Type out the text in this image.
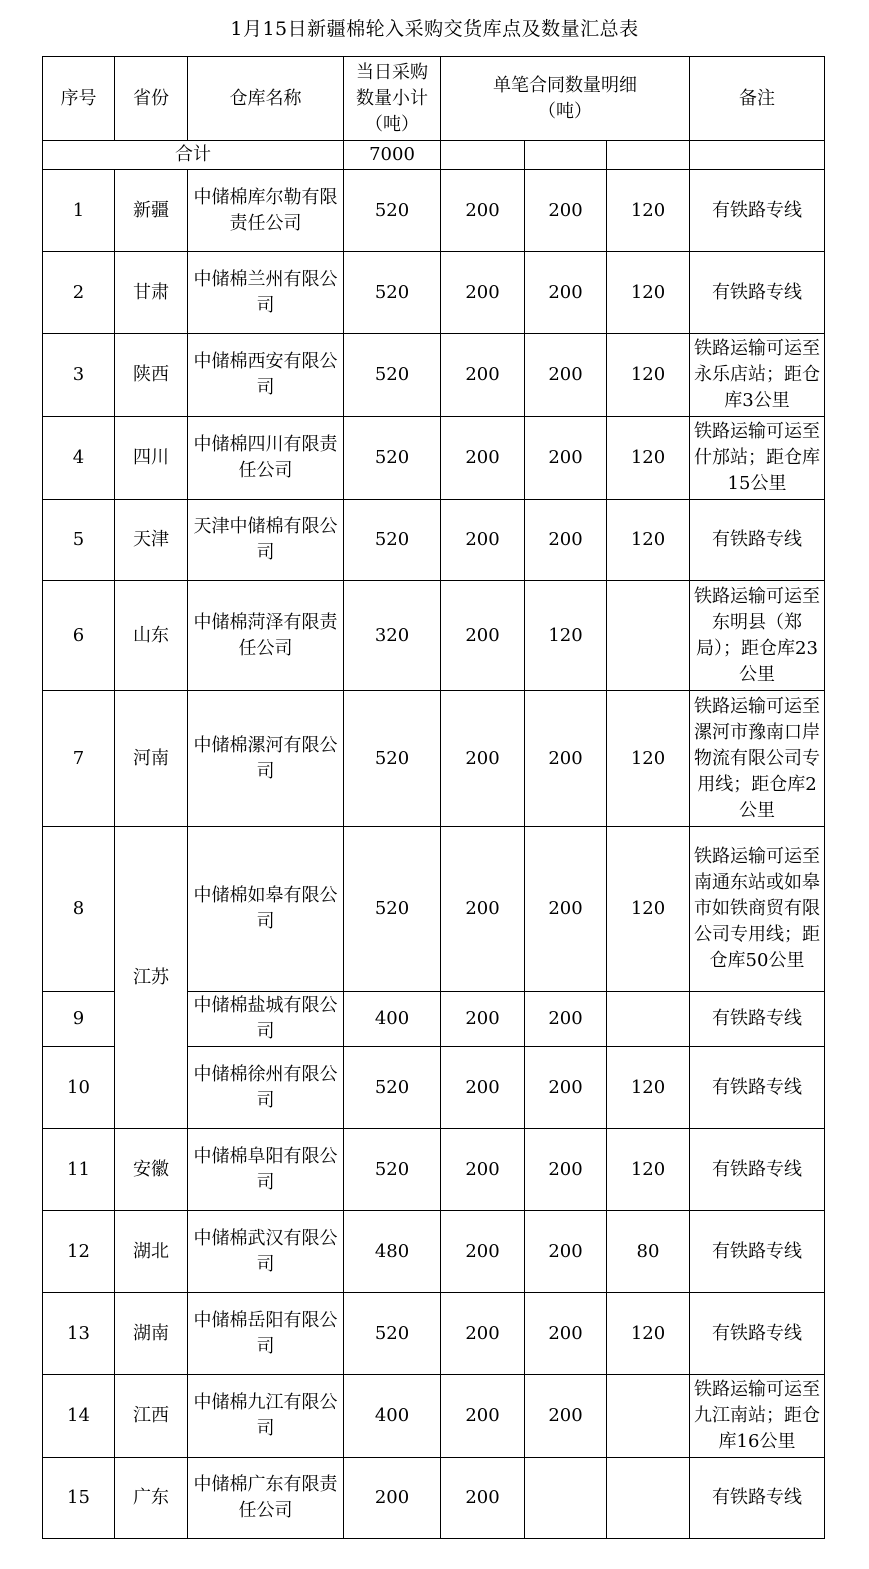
1月15日新疆棉轮入采购交货库点及数量汇总表
序号	省份	仓库名称	当日采购数量小计（吨）	单笔合同数量明细（吨）			备注
合计			7000				
1	新疆	中储棉库尔勒有限责任公司	520	200	200	120	有铁路专线
2	甘肃	中储棉兰州有限公司	520	200	200	120	有铁路专线
3	陕西	中储棉西安有限公司	520	200	200	120	铁路运输可运至永乐店站；距仓库3公里
4	四川	中储棉四川有限责任公司	520	200	200	120	铁路运输可运至什邡站；距仓库15公里
5	天津	天津中储棉有限公司	520	200	200	120	有铁路专线
6	山东	中储棉菏泽有限责任公司	320	200	120		铁路运输可运至东明县（郑局）；距仓库23公里
7	河南	中储棉漯河有限公司	520	200	200	120	铁路运输可运至漯河市豫南口岸物流有限公司专用线；距仓库2公里
8	江苏	中储棉如皋有限公司	520	200	200	120	铁路运输可运至南通东站或如皋市如铁商贸有限公司专用线；距仓库50公里
9		中储棉盐城有限公司	400	200	200		有铁路专线
10		中储棉徐州有限公司	520	200	200	120	有铁路专线
11	安徽	中储棉阜阳有限公司	520	200	200	120	有铁路专线
12	湖北	中储棉武汉有限公司	480	200	200	80	有铁路专线
13	湖南	中储棉岳阳有限公司	520	200	200	120	有铁路专线
14	江西	中储棉九江有限公司	400	200	200		铁路运输可运至九江南站；距仓库16公里
15	广东	中储棉广东有限责任公司	200	200			有铁路专线
